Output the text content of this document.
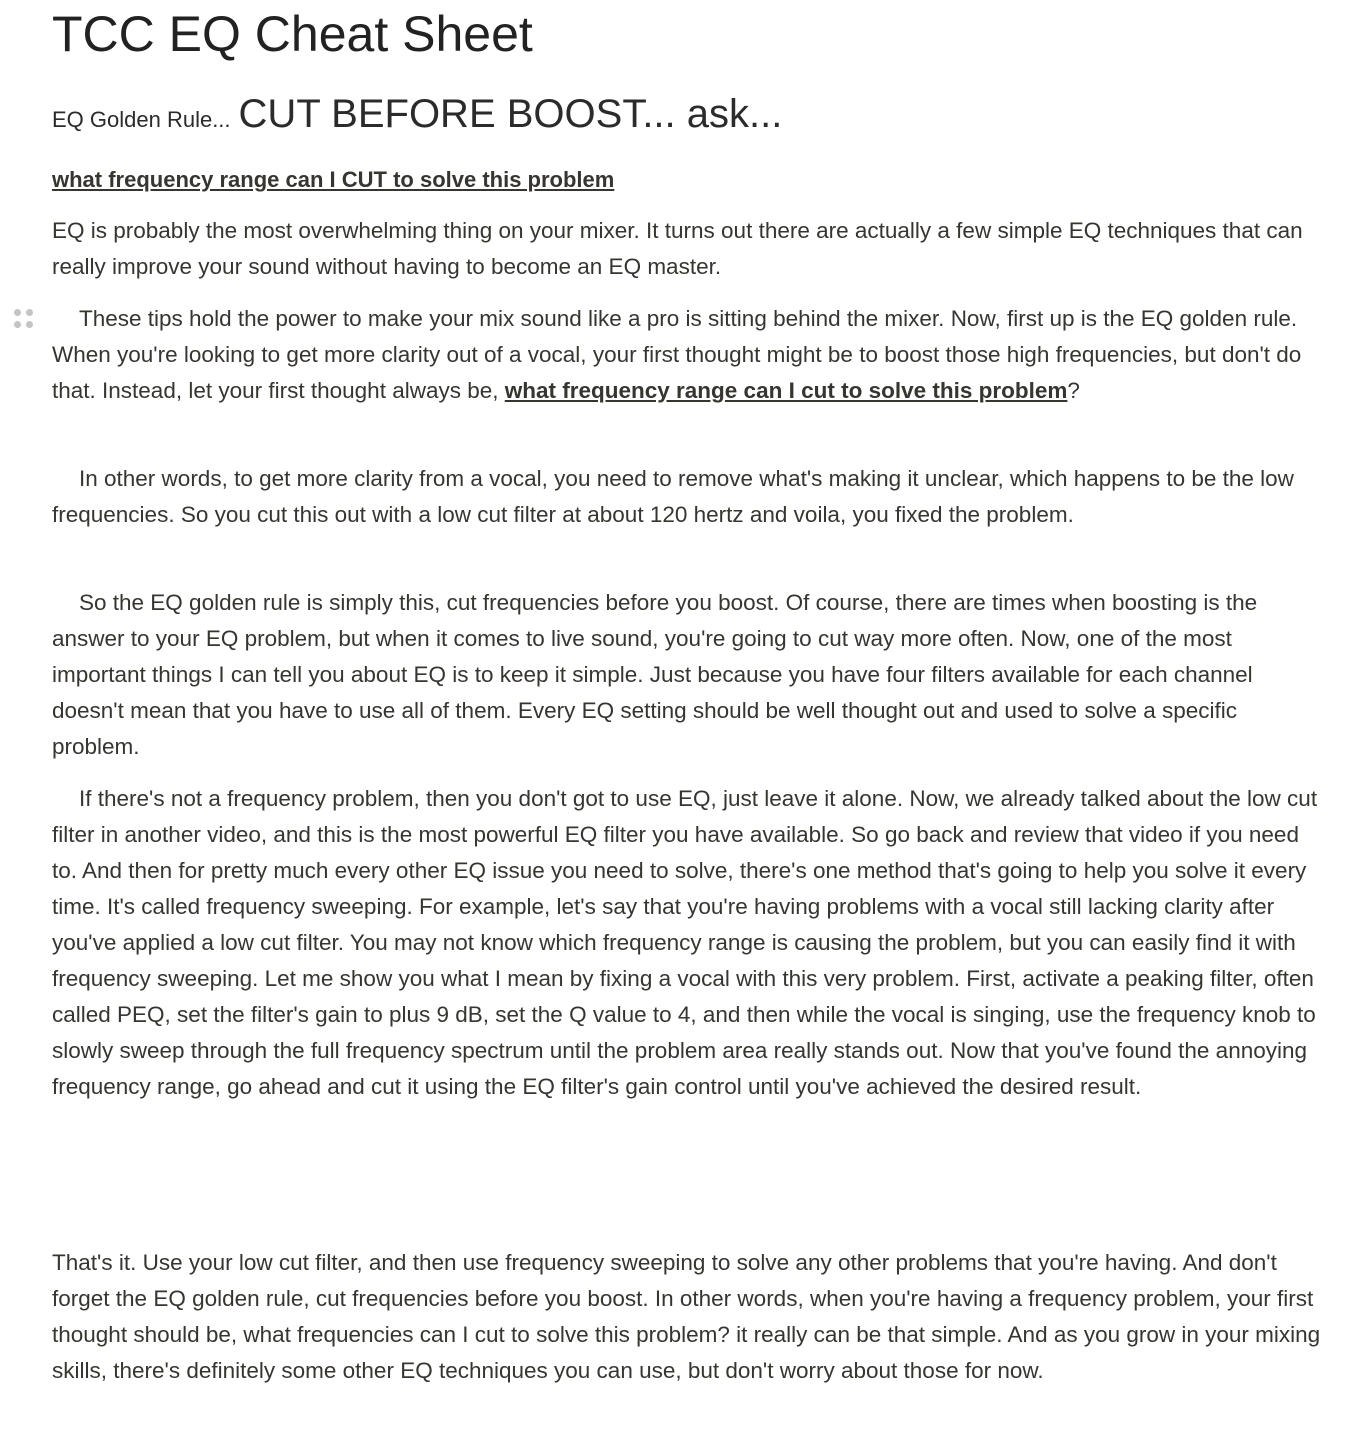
TCC EQ Cheat Sheet
EQ Golden Rule... CUT BEFORE BOOST... ask...
what frequency range can I CUT to solve this problem

EQ is probably the most overwhelming thing on your mixer. It turns out there are actually a few simple EQ techniques that can really improve your sound without having to become an EQ master.

These tips hold the power to make your mix sound like a pro is sitting behind the mixer. Now, first up is the EQ golden rule. When you're looking to get more clarity out of a vocal, your first thought might be to boost those high frequencies, but don't do that. Instead, let your first thought always be, what frequency range can I cut to solve this problem?

In other words, to get more clarity from a vocal, you need to remove what's making it unclear, which happens to be the low frequencies. So you cut this out with a low cut filter at about 120 hertz and voila, you fixed the problem.

So the EQ golden rule is simply this, cut frequencies before you boost. Of course, there are times when boosting is the answer to your EQ problem, but when it comes to live sound, you're going to cut way more often. Now, one of the most important things I can tell you about EQ is to keep it simple. Just because you have four filters available for each channel doesn't mean that you have to use all of them. Every EQ setting should be well thought out and used to solve a specific problem.

If there's not a frequency problem, then you don't got to use EQ, just leave it alone. Now, we already talked about the low cut filter in another video, and this is the most powerful EQ filter you have available. So go back and review that video if you need to. And then for pretty much every other EQ issue you need to solve, there's one method that's going to help you solve it every time. It's called frequency sweeping. For example, let's say that you're having problems with a vocal still lacking clarity after you've applied a low cut filter. You may not know which frequency range is causing the problem, but you can easily find it with frequency sweeping. Let me show you what I mean by fixing a vocal with this very problem. First, activate a peaking filter, often called PEQ, set the filter's gain to plus 9 dB, set the Q value to 4, and then while the vocal is singing, use the frequency knob to slowly sweep through the full frequency spectrum until the problem area really stands out. Now that you've found the annoying frequency range, go ahead and cut it using the EQ filter's gain control until you've achieved the desired result.

That's it. Use your low cut filter, and then use frequency sweeping to solve any other problems that you're having. And don't forget the EQ golden rule, cut frequencies before you boost. In other words, when you're having a frequency problem, your first thought should be, what frequencies can I cut to solve this problem? it really can be that simple. And as you grow in your mixing skills, there's definitely some other EQ techniques you can use, but don't worry about those for now.
